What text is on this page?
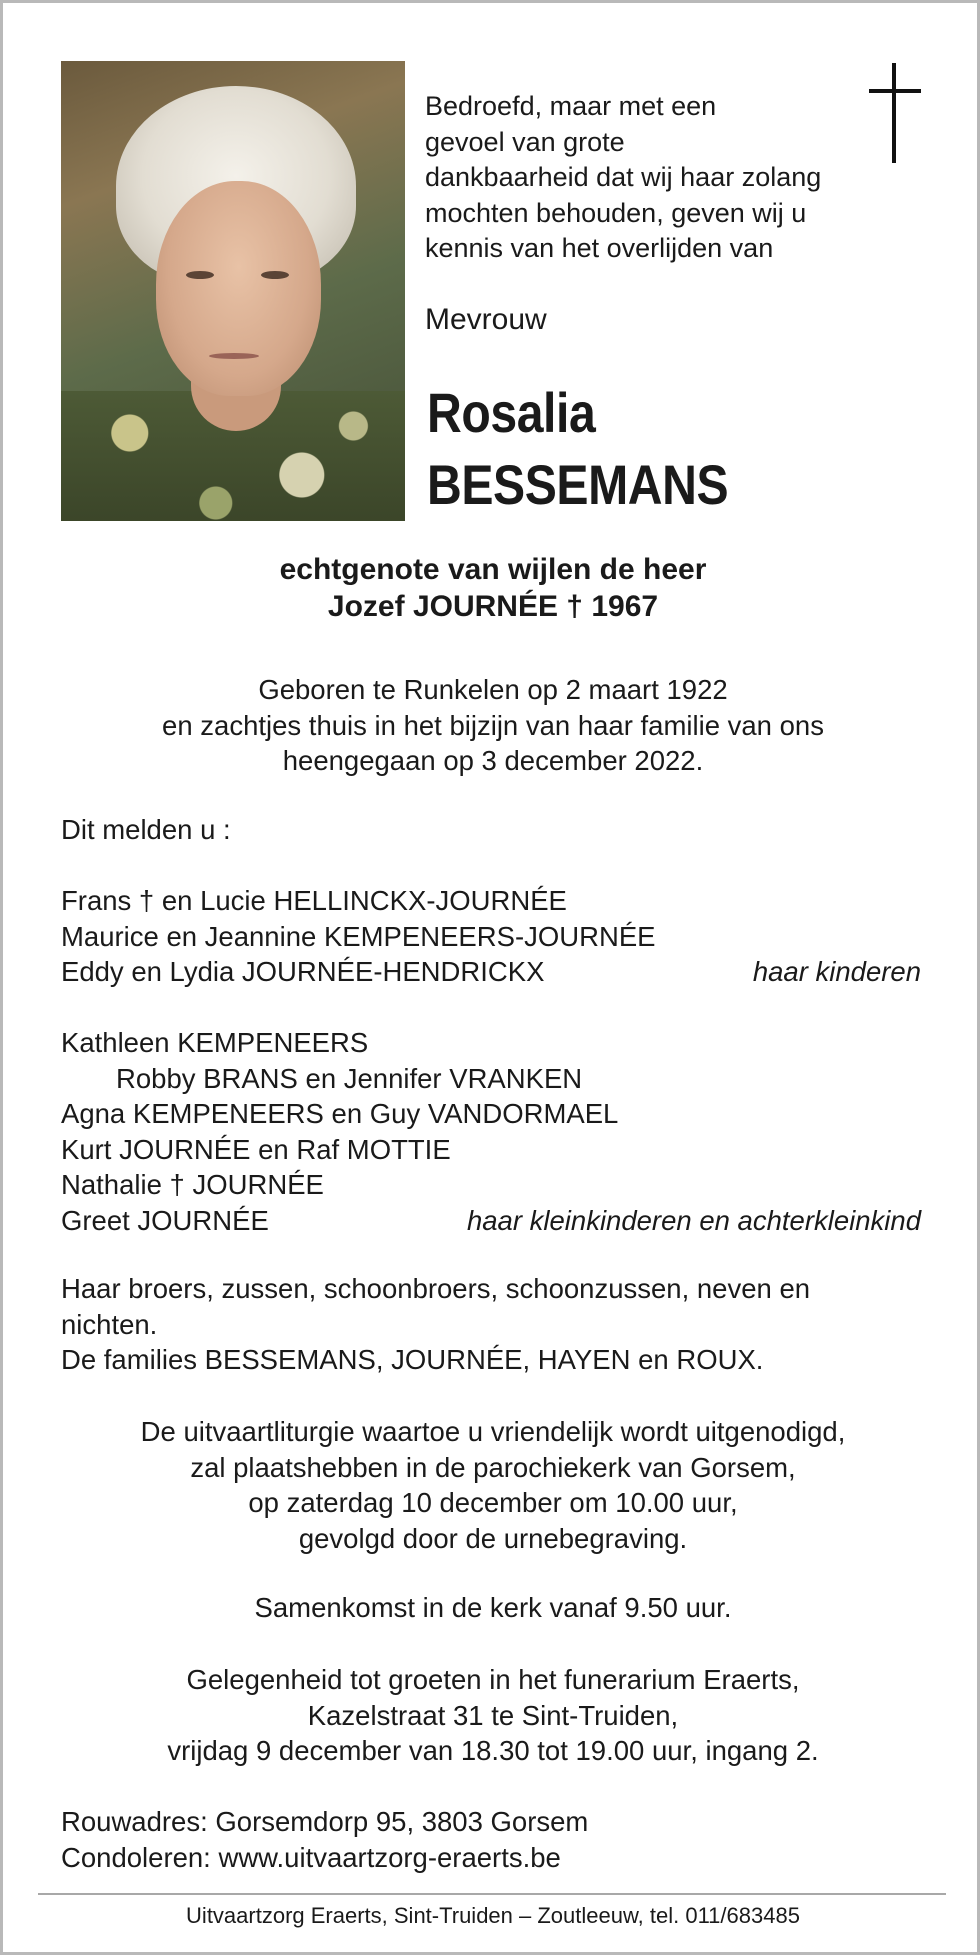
Bedroefd, maar met een
gevoel van grote
dankbaarheid dat wij haar zolang
mochten behouden, geven wij u
kennis van het overlijden van

Mevrouw

Rosalia
BESSEMANS
echtgenote van wijlen de heer
Jozef JOURNÉE † 1967
Geboren te Runkelen op 2 maart 1922
en zachtjes thuis in het bijzijn van haar familie van ons
heengegaan op 3 december 2022.
Dit melden u :
Frans † en Lucie HELLINCKX-JOURNÉE
Maurice en Jeannine KEMPENEERS-JOURNÉE
Eddy en Lydia JOURNÉE-HENDRICKX	haar kinderen
Kathleen KEMPENEERS
Robby BRANS en Jennifer VRANKEN
Agna KEMPENEERS en Guy VANDORMAEL
Kurt JOURNÉE en Raf MOTTIE
Nathalie † JOURNÉE
Greet JOURNÉE	haar kleinkinderen en achterkleinkind
Haar broers, zussen, schoonbroers, schoonzussen, neven en
nichten.
De families BESSEMANS, JOURNÉE, HAYEN en ROUX.
De uitvaartliturgie waartoe u vriendelijk wordt uitgenodigd,
zal plaatshebben in de parochiekerk van Gorsem,
op zaterdag 10 december om 10.00 uur,
gevolgd door de urnebegraving.
Samenkomst in de kerk vanaf 9.50 uur.
Gelegenheid tot groeten in het funerarium Eraerts,
Kazelstraat 31 te Sint-Truiden,
vrijdag 9 december van 18.30 tot 19.00 uur, ingang 2.
Rouwadres: Gorsemdorp 95, 3803 Gorsem
Condoleren: www.uitvaartzorg-eraerts.be

Uitvaartzorg Eraerts, Sint-Truiden – Zoutleeuw, tel. 011/683485
